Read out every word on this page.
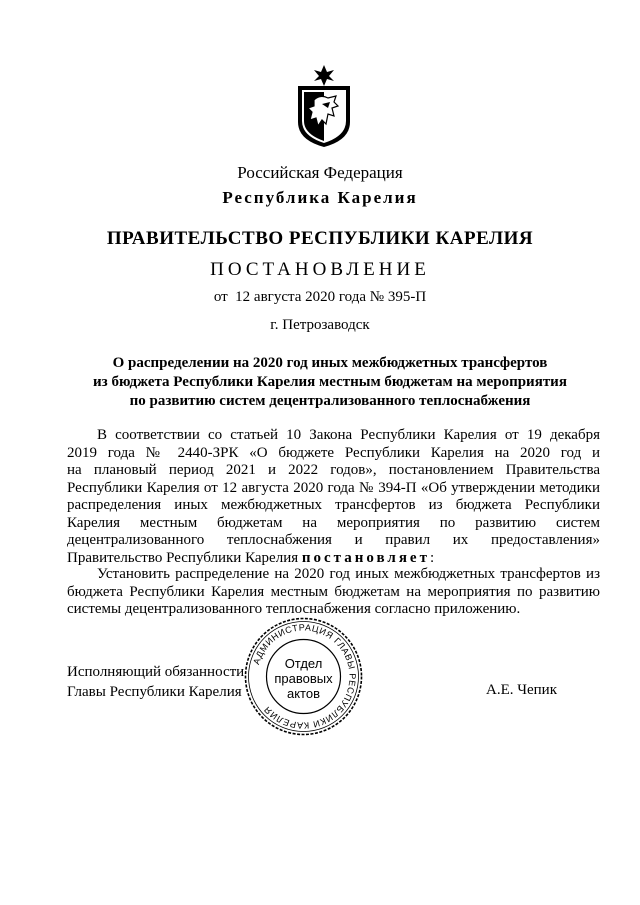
Российская Федерация
Республика Карелия
ПРАВИТЕЛЬСТВО РЕСПУБЛИКИ КАРЕЛИЯ
ПОСТАНОВЛЕНИЕ
от  12 августа 2020 года № 395-П
г. Петрозаводск
О распределении на 2020 год иных межбюджетных трансфертов
из бюджета Республики Карелия местным бюджетам на мероприятия
по развитию систем децентрализованного теплоснабжения
В соответствии со статьей 10 Закона Республики Карелия от 19 декабря
2019 года № 2440-ЗРК «О бюджете Республики Карелия на 2020 год и
на плановый период 2021 и 2022 годов», постановлением Правительства
Республики Карелия от 12 августа 2020 года № 394-П «Об утверждении методики
распределения иных межбюджетных трансфертов из бюджета Республики
Карелия местным бюджетам на мероприятия по развитию систем
децентрализованного теплоснабжения и правил их предоставления»
Правительство Республики Карелия постановляет:
Установить распределение на 2020 год иных межбюджетных трансфертов из
бюджета Республики Карелия местным бюджетам на мероприятия по развитию
системы децентрализованного теплоснабжения согласно приложению.
Исполняющий обязанности
Главы Республики Карелия	А.Е. Чепик
АДМИНИСТРАЦИЯ ГЛАВЫ РЕСПУБЛИКИ КАРЕЛИЯ
Отдел
правовых
актов
